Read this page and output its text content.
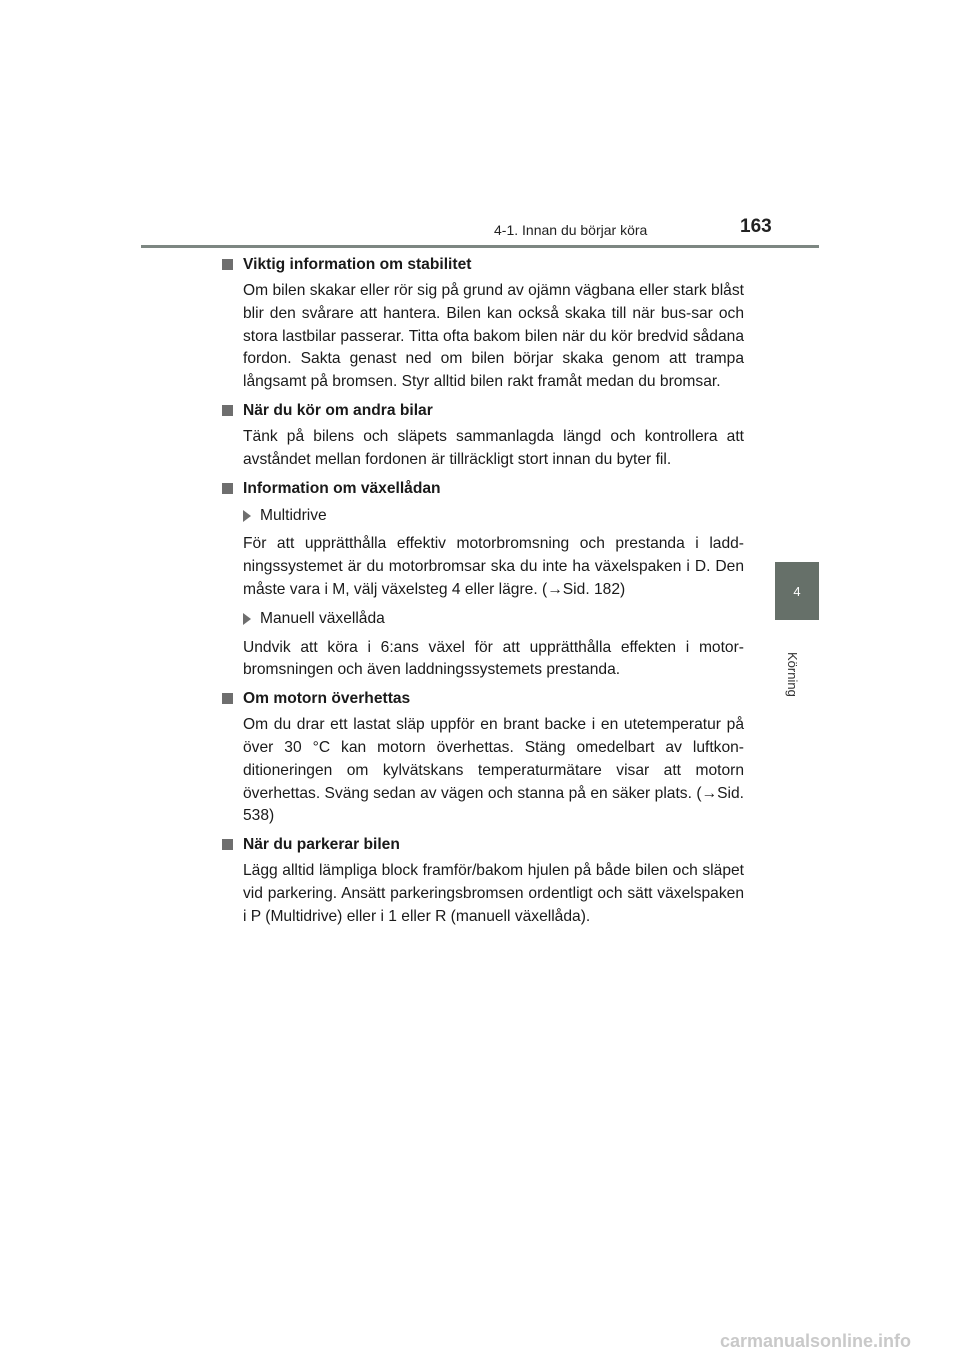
4-1. Innan du börjar köra	163
4
Körning
Viktig information om stabilitet

Om bilen skakar eller rör sig på grund av ojämn vägbana eller stark blåst blir den svårare att hantera. Bilen kan också skaka till när bus-sar och stora lastbilar passerar. Titta ofta bakom bilen när du kör bredvid sådana fordon. Sakta genast ned om bilen börjar skaka genom att trampa långsamt på bromsen. Styr alltid bilen rakt framåt medan du bromsar.

När du kör om andra bilar

Tänk på bilens och släpets sammanlagda längd och kontrollera att avståndet mellan fordonen är tillräckligt stort innan du byter fil.

Information om växellådan
Multidrive

För att upprätthålla effektiv motorbromsning och prestanda i ladd-ningssystemet är du motorbromsar ska du inte ha växelspaken i D. Den måste vara i M, välj växelsteg 4 eller lägre. (→Sid. 182)

Manuell växellåda

Undvik att köra i 6:ans växel för att upprätthålla effekten i motor-bromsningen och även laddningssystemets prestanda.

Om motorn överhettas

Om du drar ett lastat släp uppför en brant backe i en utetemperatur på över 30 °C kan motorn överhettas. Stäng omedelbart av luftkon-ditioneringen om kylvätskans temperaturmätare visar att motorn överhettas. Sväng sedan av vägen och stanna på en säker plats. (→Sid. 538)

När du parkerar bilen

Lägg alltid lämpliga block framför/bakom hjulen på både bilen och släpet vid parkering. Ansätt parkeringsbromsen ordentligt och sätt växelspaken i P (Multidrive) eller i 1 eller R (manuell växellåda).

carmanualsonline.info
